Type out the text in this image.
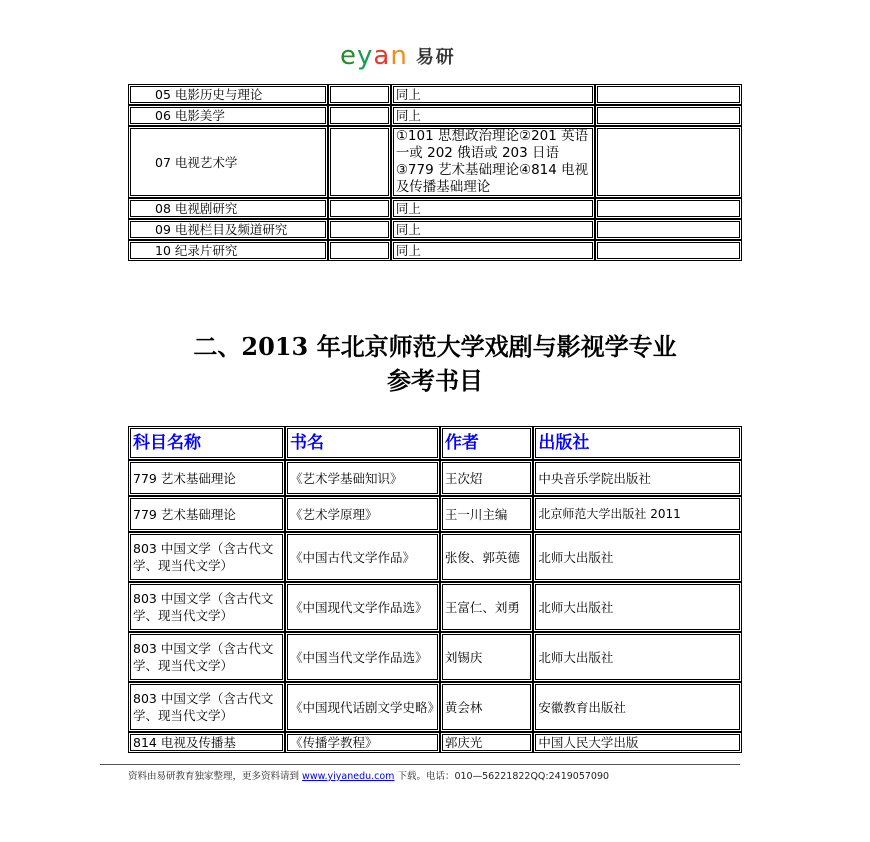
eyan 易研
05 电影历史与理论		同上	
06 电影美学		同上	
07 电视艺术学		①101 思想政治理论②201 英语一或 202 俄语或 203 日语③779 艺术基础理论④814 电视及传播基础理论	
08 电视剧研究		同上	
09 电视栏目及频道研究		同上	
10 纪录片研究		同上	
二、2013 年北京师范大学戏剧与影视学专业
参考书目
科目名称	书名	作者	出版社
779 艺术基础理论	《艺术学基础知识》	王次炤	中央音乐学院出版社
779 艺术基础理论	《艺术学原理》	王一川主编	北京师范大学出版社 2011
803 中国文学（含古代文学、现当代文学）	《中国古代文学作品》	张俊、郭英德	北师大出版社
803 中国文学（含古代文学、现当代文学）	《中国现代文学作品选》	王富仁、刘勇	北师大出版社
803 中国文学（含古代文学、现当代文学）	《中国当代文学作品选》	刘锡庆	北师大出版社
803 中国文学（含古代文学、现当代文学）	《中国现代话剧文学史略》	黄会林	安徽教育出版社
814 电视及传播基	《传播学教程》	郭庆光	中国人民大学出版
资料由易研教育独家整理，更多资料请到 www.yiyanedu.com 下载。电话：010—56221822QQ:2419057090
